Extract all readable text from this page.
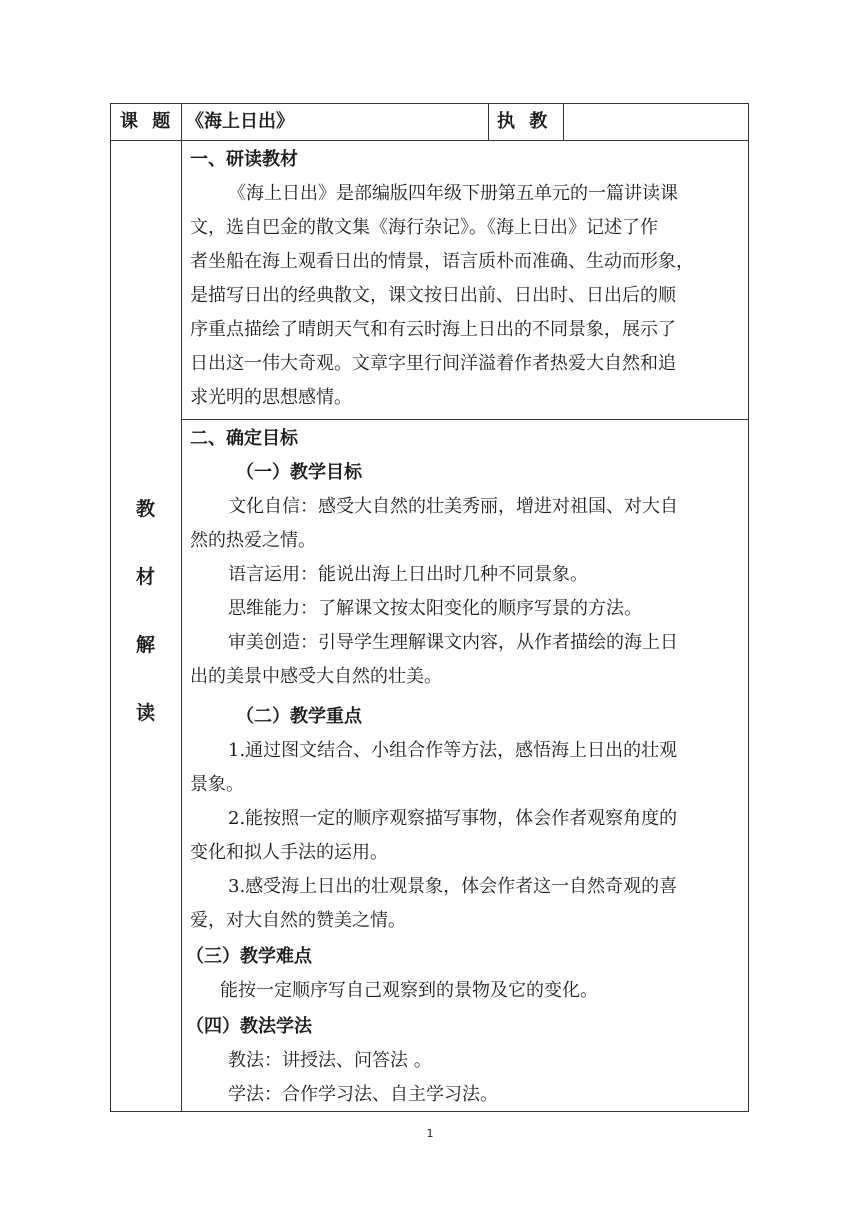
课 题 《海上日出》	执 教
教
材
解
读
一、研读教材
《海上日出》是部编版四年级下册第五单元的一篇讲读课
文，选自巴金的散文集《海行杂记》。《海上日出》记述了作
者坐船在海上观看日出的情景，语言质朴而准确、生动而形象，
是描写日出的经典散文，课文按日出前、日出时、日出后的顺
序重点描绘了晴朗天气和有云时海上日出的不同景象，展示了
日出这一伟大奇观。文章字里行间洋溢着作者热爱大自然和追
求光明的思想感情。
二、确定目标
（一）教学目标
文化自信：感受大自然的壮美秀丽，增进对祖国、对大自
然的热爱之情。
语言运用：能说出海上日出时几种不同景象。
思维能力：了解课文按太阳变化的顺序写景的方法。
审美创造：引导学生理解课文内容，从作者描绘的海上日
出的美景中感受大自然的壮美。
（二）教学重点
1.通过图文结合、小组合作等方法，感悟海上日出的壮观
景象。
2.能按照一定的顺序观察描写事物，体会作者观察角度的
变化和拟人手法的运用。
3.感受海上日出的壮观景象，体会作者这一自然奇观的喜
爱，对大自然的赞美之情。
（三）教学难点
能按一定顺序写自己观察到的景物及它的变化。
（四）教法学法
教法：讲授法、问答法 。
学法：合作学习法、自主学习法。
1
